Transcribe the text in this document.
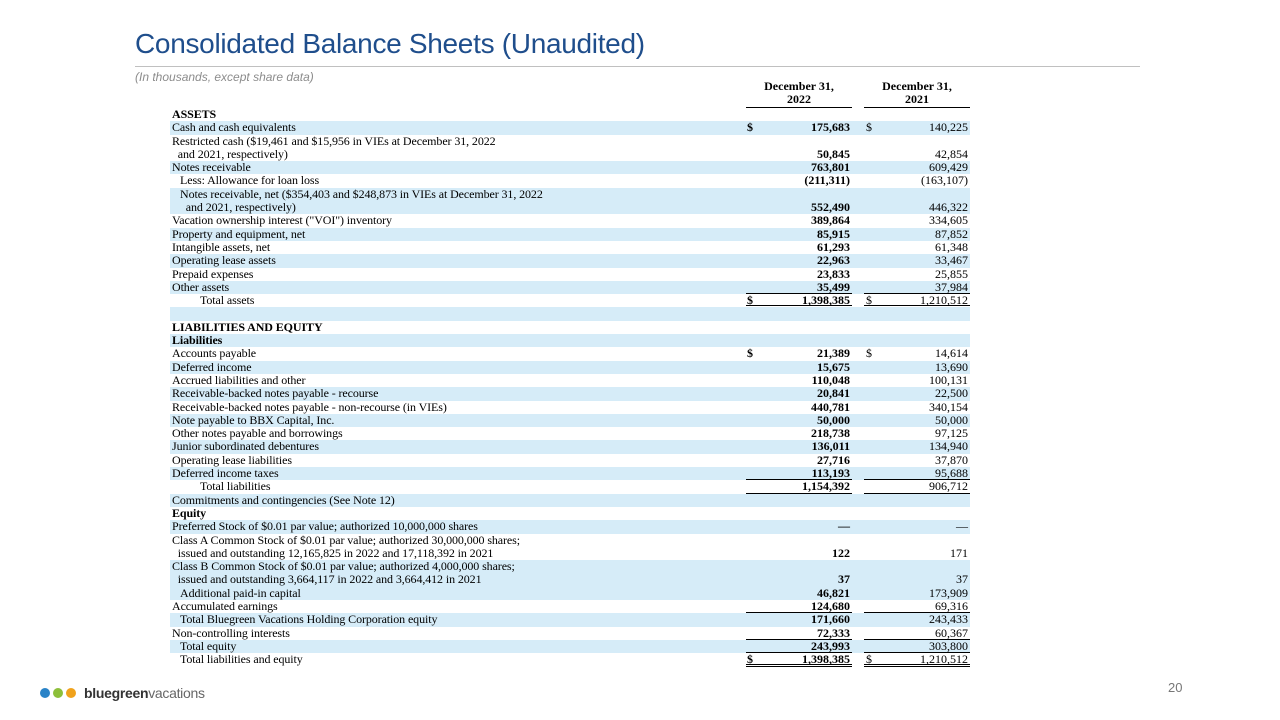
Consolidated Balance Sheets (Unaudited)
(In thousands, except share data)
December 31,
2022
December 31,
2021
ASSETS
Cash and cash equivalents	$	175,683 $	140,225
Restricted cash ($19,461 and $15,956 in VIEs at December 31, 2022
and 2021, respectively)	50,845	42,854
Notes receivable	763,801	609,429
Less: Allowance for loan loss	(211,311)	(163,107)
Notes receivable, net ($354,403 and $248,873 in VIEs at December 31, 2022
and 2021, respectively)	552,490	446,322
Vacation ownership interest ("VOI") inventory	389,864	334,605
Property and equipment, net	85,915	87,852
Intangible assets, net	61,293	61,348
Operating lease assets	22,963	33,467
Prepaid expenses	23,833	25,855
Other assets	35,499	37,984
Total assets	$	1,398,385 $	1,210,512
LIABILITIES AND EQUITY
Liabilities
Accounts payable	$	21,389 $	14,614
Deferred income	15,675	13,690
Accrued liabilities and other	110,048	100,131
Receivable-backed notes payable - recourse	20,841	22,500
Receivable-backed notes payable - non-recourse (in VIEs)	440,781	340,154
Note payable to BBX Capital, Inc.	50,000	50,000
Other notes payable and borrowings	218,738	97,125
Junior subordinated debentures	136,011	134,940
Operating lease liabilities	27,716	37,870
Deferred income taxes	113,193	95,688
Total liabilities	1,154,392	906,712
Commitments and contingencies (See Note 12)
Equity
Preferred Stock of $0.01 par value; authorized 10,000,000 shares	—	—
Class A Common Stock of $0.01 par value; authorized 30,000,000 shares;
issued and outstanding 12,165,825 in 2022 and 17,118,392 in 2021	122	171
Class B Common Stock of $0.01 par value; authorized 4,000,000 shares;
issued and outstanding 3,664,117 in 2022 and 3,664,412 in 2021	37	37
Additional paid-in capital	46,821	173,909
Accumulated earnings	124,680	69,316
Total Bluegreen Vacations Holding Corporation equity	171,660	243,433
Non-controlling interests	72,333	60,367
Total equity	243,993	303,800
Total liabilities and equity	$	1,398,385 $	1,210,512
bluegreenvacations	20
